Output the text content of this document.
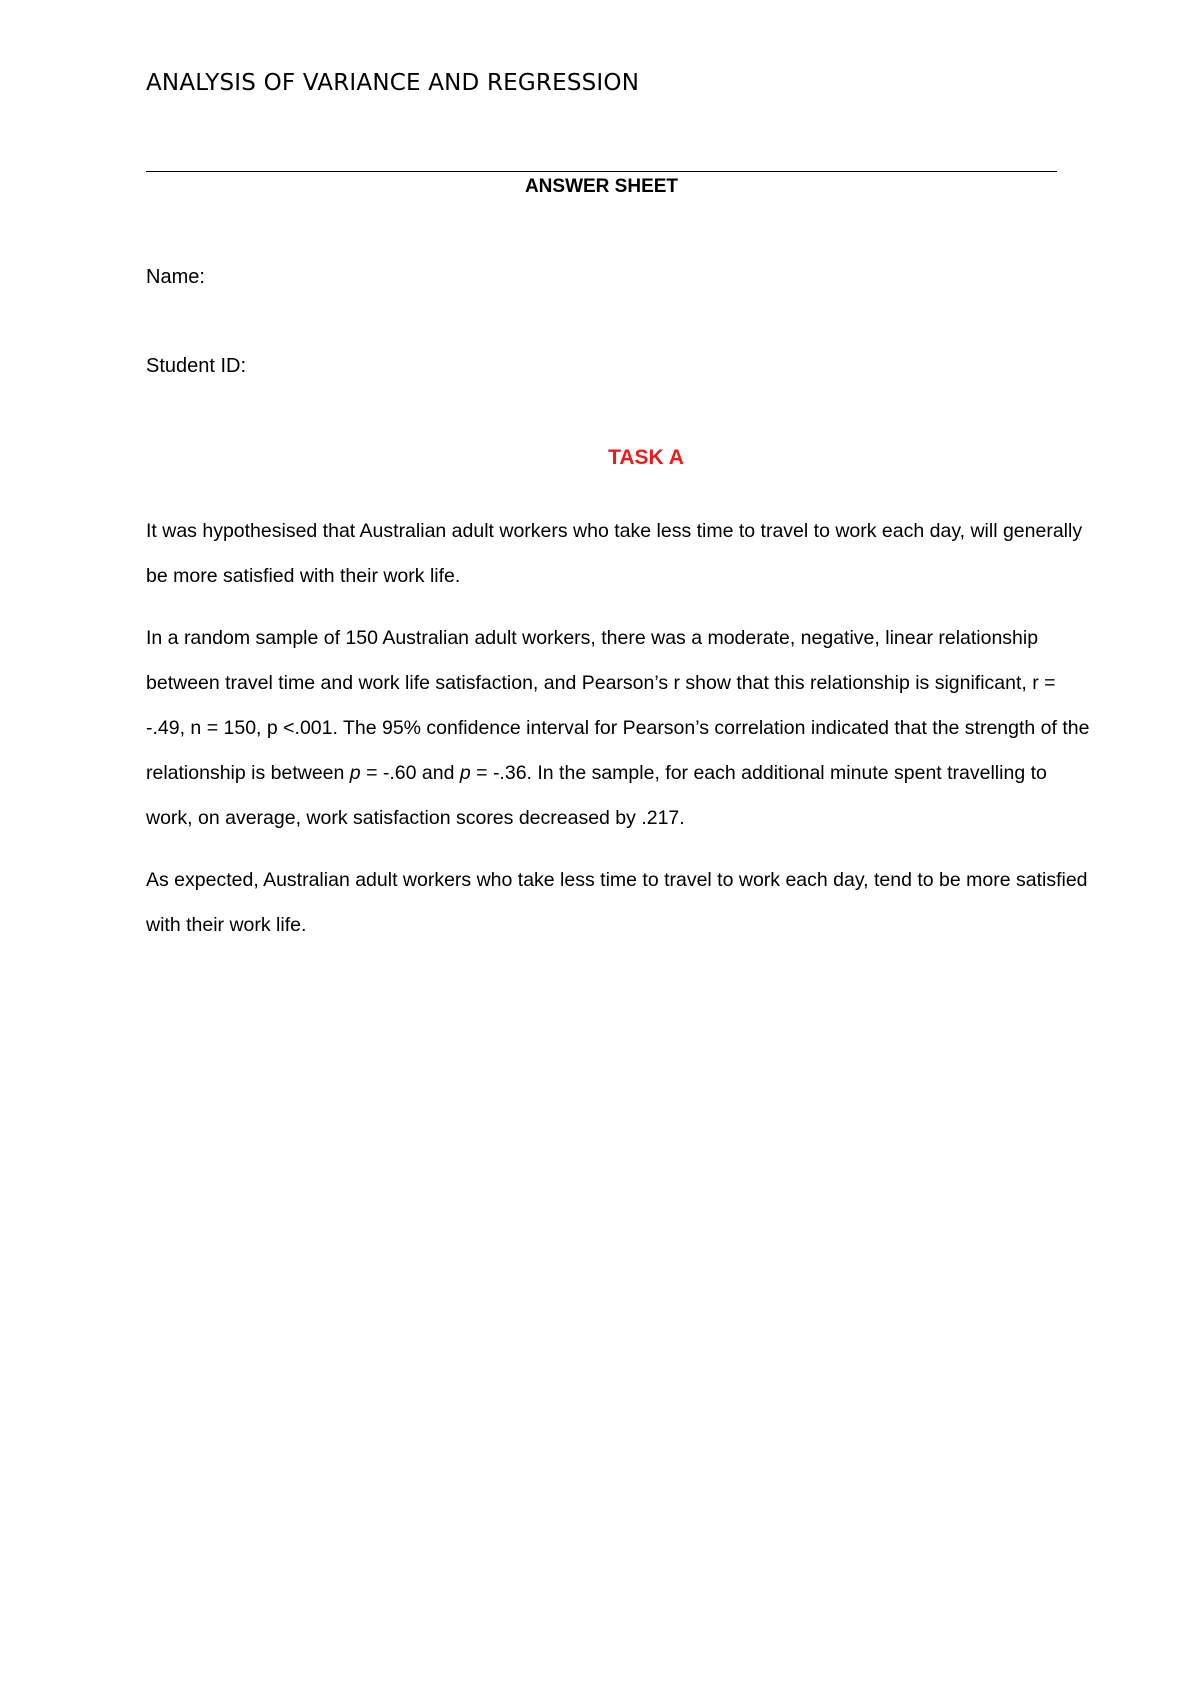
ANALYSIS OF VARIANCE AND REGRESSION
ANSWER SHEET
Name:
Student ID:
TASK A

It was hypothesised that Australian adult workers who take less time to travel to work each day, will generally be more satisfied with their work life.

In a random sample of 150 Australian adult workers, there was a moderate, negative, linear relationship between travel time and work life satisfaction, and Pearson’s r show that this relationship is significant, r = -.49, n = 150, p <.001. The 95% confidence interval for Pearson’s correlation indicated that the strength of the relationship is between p = -.60 and p = -.36. In the sample, for each additional minute spent travelling to work, on average, work satisfaction scores decreased by .217.

As expected, Australian adult workers who take less time to travel to work each day, tend to be more satisfied with their work life.
